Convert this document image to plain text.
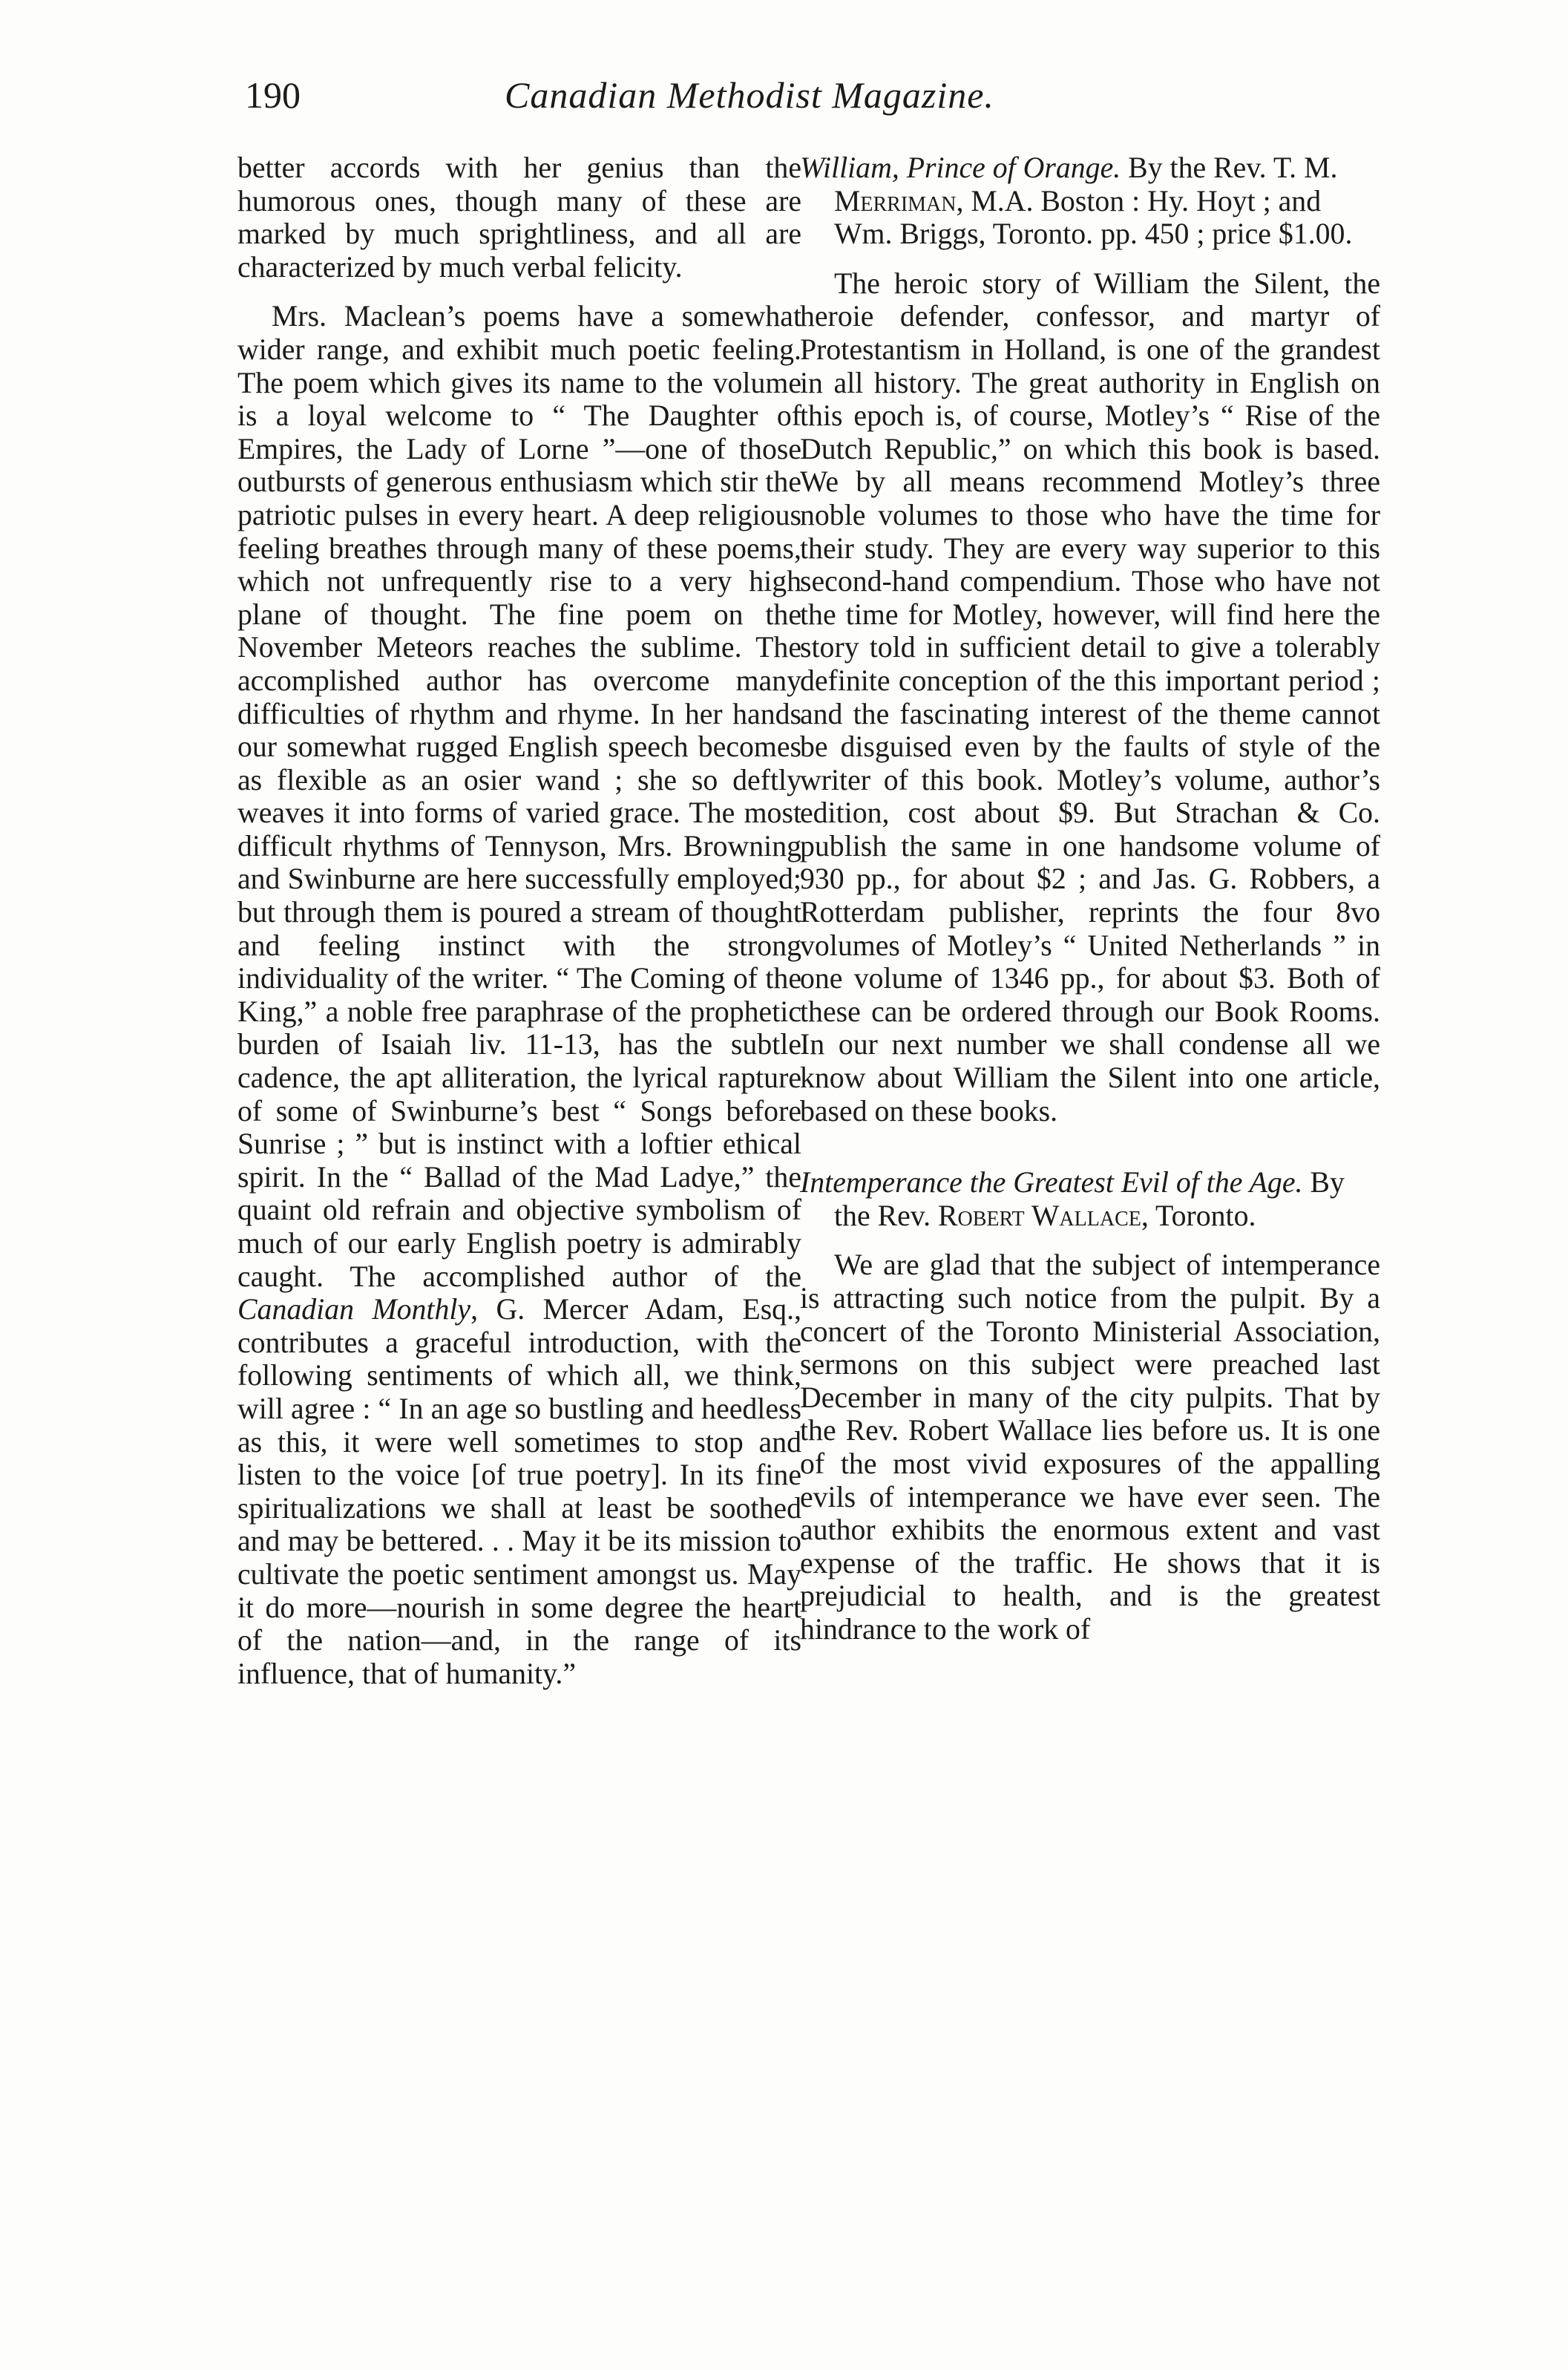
190	Canadian Methodist Magazine.

better accords with her genius than the humorous ones, though many of these are marked by much sprightliness, and all are characterized by much verbal felicity.

Mrs. Maclean’s poems have a somewhat wider range, and exhibit much poetic feeling. The poem which gives its name to the volume is a loyal welcome to “ The Daughter of Empires, the Lady of Lorne ”—one of those outbursts of generous enthusiasm which stir the patriotic pulses in every heart. A deep religious feeling breathes through many of these poems, which not unfrequently rise to a very high plane of thought. The fine poem on the November Meteors reaches the sublime. The accomplished author has overcome many difficulties of rhythm and rhyme. In her hands our somewhat rugged English speech becomes as flexible as an osier wand ; she so deftly weaves it into forms of varied grace. The most difficult rhythms of Tennyson, Mrs. Browning and Swinburne are here successfully employed; but through them is poured a stream of thought and feeling instinct with the strong individuality of the writer. “ The Coming of the King,” a noble free paraphrase of the prophetic burden of Isaiah liv. 11-13, has the subtle cadence, the apt alliteration, the lyrical rapture of some of Swinburne’s best “ Songs before Sunrise ; ” but is instinct with a loftier ethical spirit. In the “ Ballad of the Mad Ladye,” the quaint old refrain and objective symbolism of much of our early English poetry is admirably caught. The accomplished author of the Canadian Monthly, G. Mercer Adam, Esq., contributes a graceful introduction, with the following sentiments of which all, we think, will agree : “ In an age so bustling and heedless as this, it were well sometimes to stop and listen to the voice [of true poetry]. In its fine spiritualizations we shall at least be soothed and may be bettered. . . May it be its mission to cultivate the poetic sentiment amongst us. May it do more—nourish in some degree the heart of the nation—and, in the range of its influence, that of humanity.”

William, Prince of Orange. By the Rev. T. M. Merriman, M.A. Boston : Hy. Hoyt ; and Wm. Briggs, Toronto. pp. 450 ; price $1.00.

The heroic story of William the Silent, the heroie defender, confessor, and martyr of Protestantism in Holland, is one of the grandest in all history. The great authority in English on this epoch is, of course, Motley’s “ Rise of the Dutch Republic,” on which this book is based. We by all means recommend Motley’s three noble volumes to those who have the time for their study. They are every way superior to this second-hand compendium. Those who have not the time for Motley, however, will find here the story told in sufficient detail to give a tolerably definite conception of the this important period ; and the fascinating interest of the theme cannot be disguised even by the faults of style of the writer of this book. Motley’s volume, author’s edition, cost about $9. But Strachan & Co. publish the same in one handsome volume of 930 pp., for about $2 ; and Jas. G. Robbers, a Rotterdam publisher, reprints the four 8vo volumes of Motley’s “ United Netherlands ” in one volume of 1346 pp., for about $3. Both of these can be ordered through our Book Rooms. In our next number we shall condense all we know about William the Silent into one article, based on these books.

Intemperance the Greatest Evil of the Age. By the Rev. Robert Wallace, Toronto.

We are glad that the subject of intemperance is attracting such notice from the pulpit. By a concert of the Toronto Ministerial Association, sermons on this subject were preached last December in many of the city pulpits. That by the Rev. Robert Wallace lies before us. It is one of the most vivid exposures of the appalling evils of intemperance we have ever seen. The author exhibits the enormous extent and vast expense of the traffic. He shows that it is prejudicial to health, and is the greatest hindrance to the work of
